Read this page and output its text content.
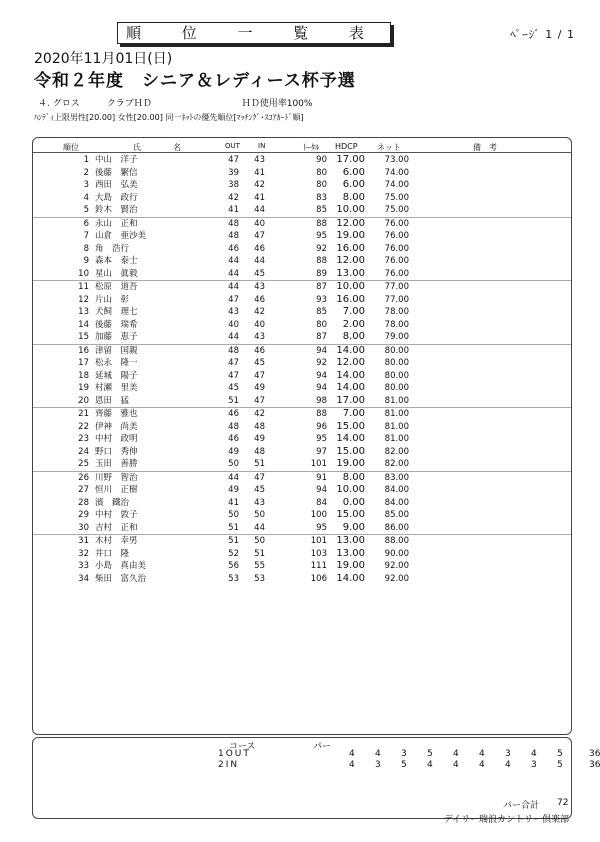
順 位 一 覧 表	ﾍﾟｰｼﾞ 1 / 1
2020年11月01日(日)
令和２年度　シニア＆レディース杯予選
４. グロス　　　クラブＨＤ　　　　　　　　　　ＨＤ使用率100%
ﾊﾝﾃﾞｨ上限男性[20.00] 女性[20.00] 同一ﾈｯﾄの優先順位[ﾏｯﾁﾝｸﾞ･ｽｺｱｶｰﾄﾞ順]
順位	氏	名	OUT	IN	ﾄｰﾀﾙ HDCP ネット	備　考
1 中山　洋子	47	43	90 17.00	73.00
2 後藤　繁信	39	41	80	6.00	74.00
3 西田　弘美	38	42	80	6.00	74.00
4 大島　政行	42	41	83	8.00	75.00
5 鈴木　賢治	41	44	85 10.00	75.00
6 永山　正和	48	40	88 12.00	76.00
7 山倉　亜沙美	48	47	95 19.00	76.00
8 角　浩行	46	46	92 16.00	76.00
9 森本　泰士	44	44	88 12.00	76.00
10 星山　眞毅	44	45	89 13.00	76.00
11 松原　道吾	44	43	87 10.00	77.00
12 片山　彰	47	46	93 16.00	77.00
13 犬飼　理七	43	42	85	7.00	78.00
14 後藤　瑞希	40	40	80	2.00	78.00
15 加藤　恵子	44	43	87	8.00	79.00
16 津留　国親	48	46	94 14.00	80.00
17 松永　隆一	47	45	92 12.00	80.00
18 延城　陽子	47	47	94 14.00	80.00
19 村瀬　里美	45	49	94 14.00	80.00
20 恩田　猛	51	47	98 17.00	81.00
21 齊藤　雅也	46	42	88	7.00	81.00
22 伊神　尚美	48	48	96 15.00	81.00
23 中村　政明	46	49	95 14.00	81.00
24 野口　秀伸	49	48	97 15.00	82.00
25 玉田　善勝	50	51	101 19.00	82.00
26 川野　智治	44	47	91	8.00	83.00
27 恒川　正樹	49	45	94 10.00	84.00
28 濱　鐵治	41	43	84	0.00	84.00
29 中村　敦子	50	50	100 15.00	85.00
30 吉村　正和	51	44	95	9.00	86.00
31 木村　幸男	51	50	101 13.00	88.00
32 井口　隆	52	51	103 13.00	90.00
33 小島　真由美	56	55	111 19.00	92.00
34 柴田　富久治	53	53	106 14.00	92.00
コース	パー
1OUT	4 4 3 5 4 4 3 4 5	36
2IN	4 3 5 4 4 4 4 3 5	36
パー合計 72
デイリー瑞浪カントリー倶楽部
